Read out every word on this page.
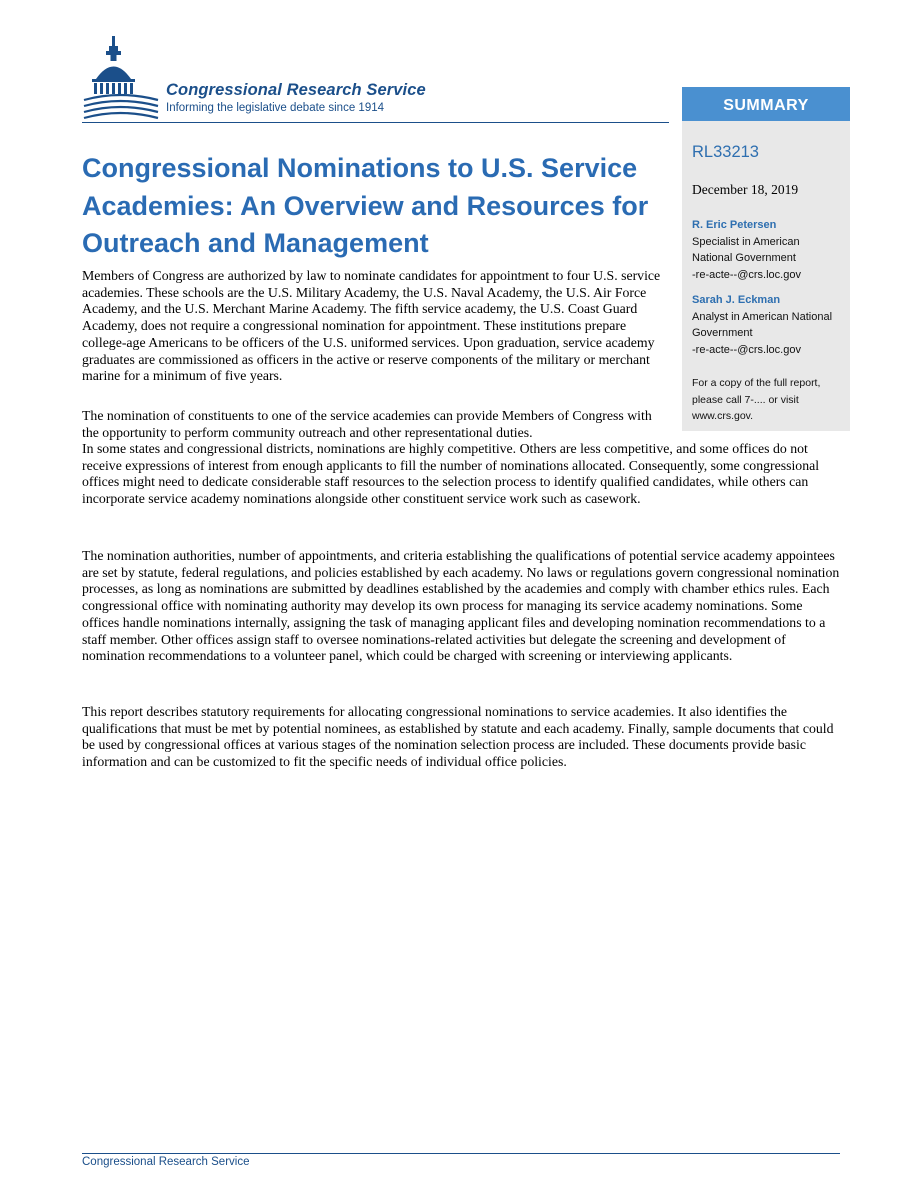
Congressional Research Service
Informing the legislative debate since 1914	SUMMARY
RL33213
December 18, 2019
R. Eric Petersen
Specialist in American National Government
-re-acte--@crs.loc.gov
Sarah J. Eckman
Analyst in American National Government
-re-acte--@crs.loc.gov
For a copy of the full report, please call 7-.... or visit www.crs.gov.
Congressional Nominations to U.S. Service Academies: An Overview and Resources for Outreach and Management

Members of Congress are authorized by law to nominate candidates for appointment to four U.S. service academies. These schools are the U.S. Military Academy, the U.S. Naval Academy, the U.S. Air Force Academy, and the U.S. Merchant Marine Academy. The fifth service academy, the U.S. Coast Guard Academy, does not require a congressional nomination for appointment. These institutions prepare college-age Americans to be officers of the U.S. uniformed services. Upon graduation, service academy graduates are commissioned as officers in the active or reserve components of the military or merchant marine for a minimum of five years.

The nomination of constituents to one of the service academies can provide Members of Congress with the opportunity to perform community outreach and other representational duties.

In some states and congressional districts, nominations are highly competitive. Others are less competitive, and some offices do not receive expressions of interest from enough applicants to fill the number of nominations allocated. Consequently, some congressional offices might need to dedicate considerable staff resources to the selection process to identify qualified candidates, while others can incorporate service academy nominations alongside other constituent service work such as casework.

The nomination authorities, number of appointments, and criteria establishing the qualifications of potential service academy appointees are set by statute, federal regulations, and policies established by each academy. No laws or regulations govern congressional nomination processes, as long as nominations are submitted by deadlines established by the academies and comply with chamber ethics rules. Each congressional office with nominating authority may develop its own process for managing its service academy nominations. Some offices handle nominations internally, assigning the task of managing applicant files and developing nomination recommendations to a staff member. Other offices assign staff to oversee nominations-related activities but delegate the screening and development of nomination recommendations to a volunteer panel, which could be charged with screening or interviewing applicants.

This report describes statutory requirements for allocating congressional nominations to service academies. It also identifies the qualifications that must be met by potential nominees, as established by statute and each academy. Finally, sample documents that could be used by congressional offices at various stages of the nomination selection process are included. These documents provide basic information and can be customized to fit the specific needs of individual office policies.

Congressional Research Service
